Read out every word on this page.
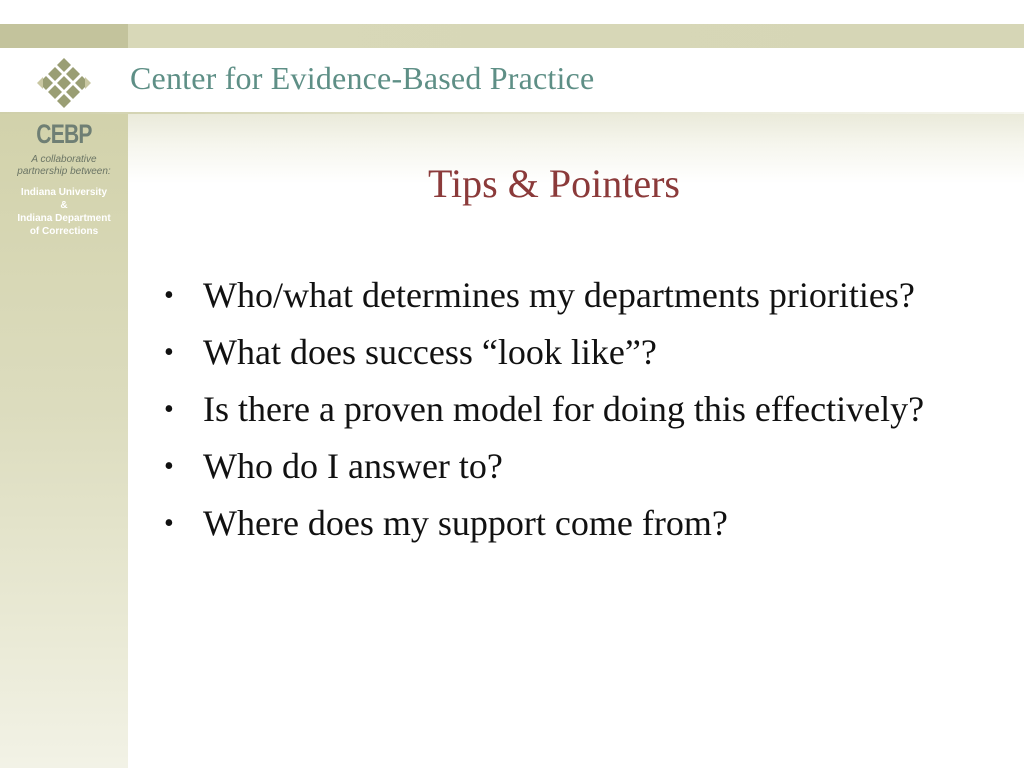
Center for Evidence-Based Practice
CEBP
A collaborative
partnership between:
Indiana University
&
Indiana Department
of Corrections
Tips & Pointers
• Who/what determines my departments priorities?
• What does success “look like”?
• Is there a proven model for doing this effectively?
• Who do I answer to?
• Where does my support come from?
